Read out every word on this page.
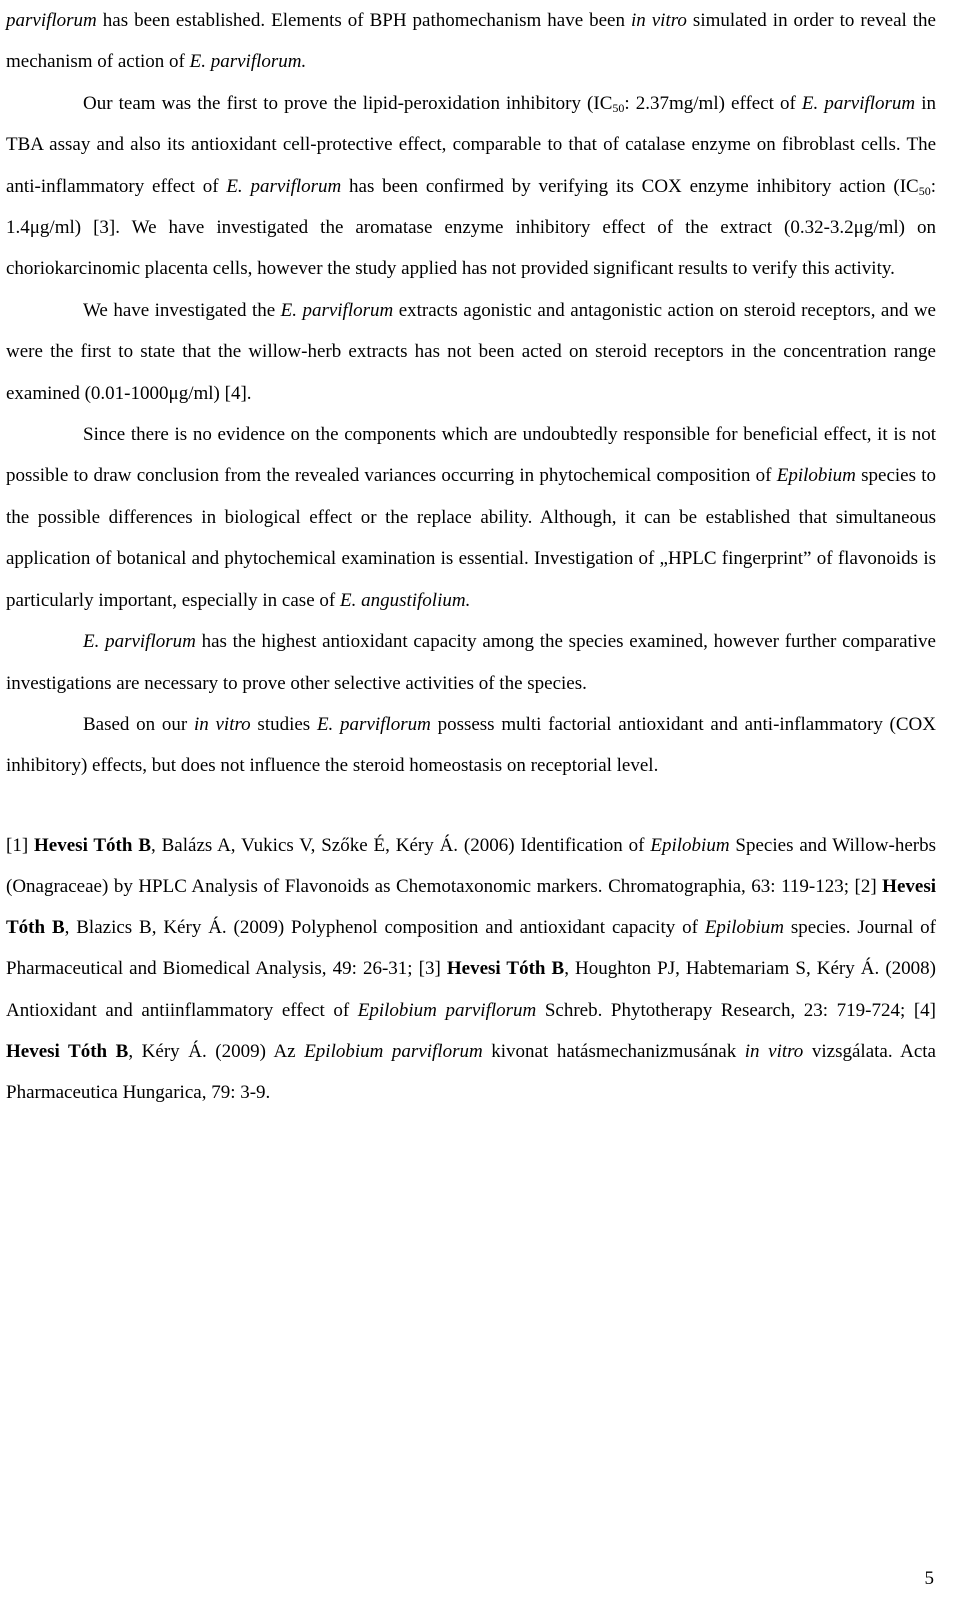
parviflorum has been established. Elements of BPH pathomechanism have been in vitro simulated in order to reveal the mechanism of action of E. parviflorum.

Our team was the first to prove the lipid-peroxidation inhibitory ($IC_{50}$: 2.37mg/ml) effect of E. parviflorum in TBA assay and also its antioxidant cell-protective effect, comparable to that of catalase enzyme on fibroblast cells. The anti-inflammatory effect of E. parviflorum has been confirmed by verifying its COX enzyme inhibitory action ($IC_{50}$: 1.4μg/ml) [3]. We have investigated the aromatase enzyme inhibitory effect of the extract (0.32-3.2μg/ml) on choriokarcinomic placenta cells, however the study applied has not provided significant results to verify this activity.

We have investigated the E. parviflorum extracts agonistic and antagonistic action on steroid receptors, and we were the first to state that the willow-herb extracts has not been acted on steroid receptors in the concentration range examined (0.01-1000μg/ml) [4].

Since there is no evidence on the components which are undoubtedly responsible for beneficial effect, it is not possible to draw conclusion from the revealed variances occurring in phytochemical composition of Epilobium species to the possible differences in biological effect or the replace ability. Although, it can be established that simultaneous application of botanical and phytochemical examination is essential. Investigation of „HPLC fingerprint” of flavonoids is particularly important, especially in case of E. angustifolium.

E. parviflorum has the highest antioxidant capacity among the species examined, however further comparative investigations are necessary to prove other selective activities of the species.

Based on our in vitro studies E. parviflorum possess multi factorial antioxidant and anti-inflammatory (COX inhibitory) effects, but does not influence the steroid homeostasis on receptorial level.

[1] Hevesi Tóth B, Balázs A, Vukics V, Szőke É, Kéry Á. (2006) Identification of Epilobium Species and Willow-herbs (Onagraceae) by HPLC Analysis of Flavonoids as Chemotaxonomic markers. Chromatographia, 63: 119-123; [2] Hevesi Tóth B, Blazics B, Kéry Á. (2009) Polyphenol composition and antioxidant capacity of Epilobium species. Journal of Pharmaceutical and Biomedical Analysis, 49: 26-31; [3] Hevesi Tóth B, Houghton PJ, Habtemariam S, Kéry Á. (2008) Antioxidant and antiinflammatory effect of Epilobium parviflorum Schreb. Phytotherapy Research, 23: 719-724; [4] Hevesi Tóth B, Kéry Á. (2009) Az Epilobium parviflorum kivonat hatásmechanizmusának in vitro vizsgálata. Acta Pharmaceutica Hungarica, 79: 3-9.

5
